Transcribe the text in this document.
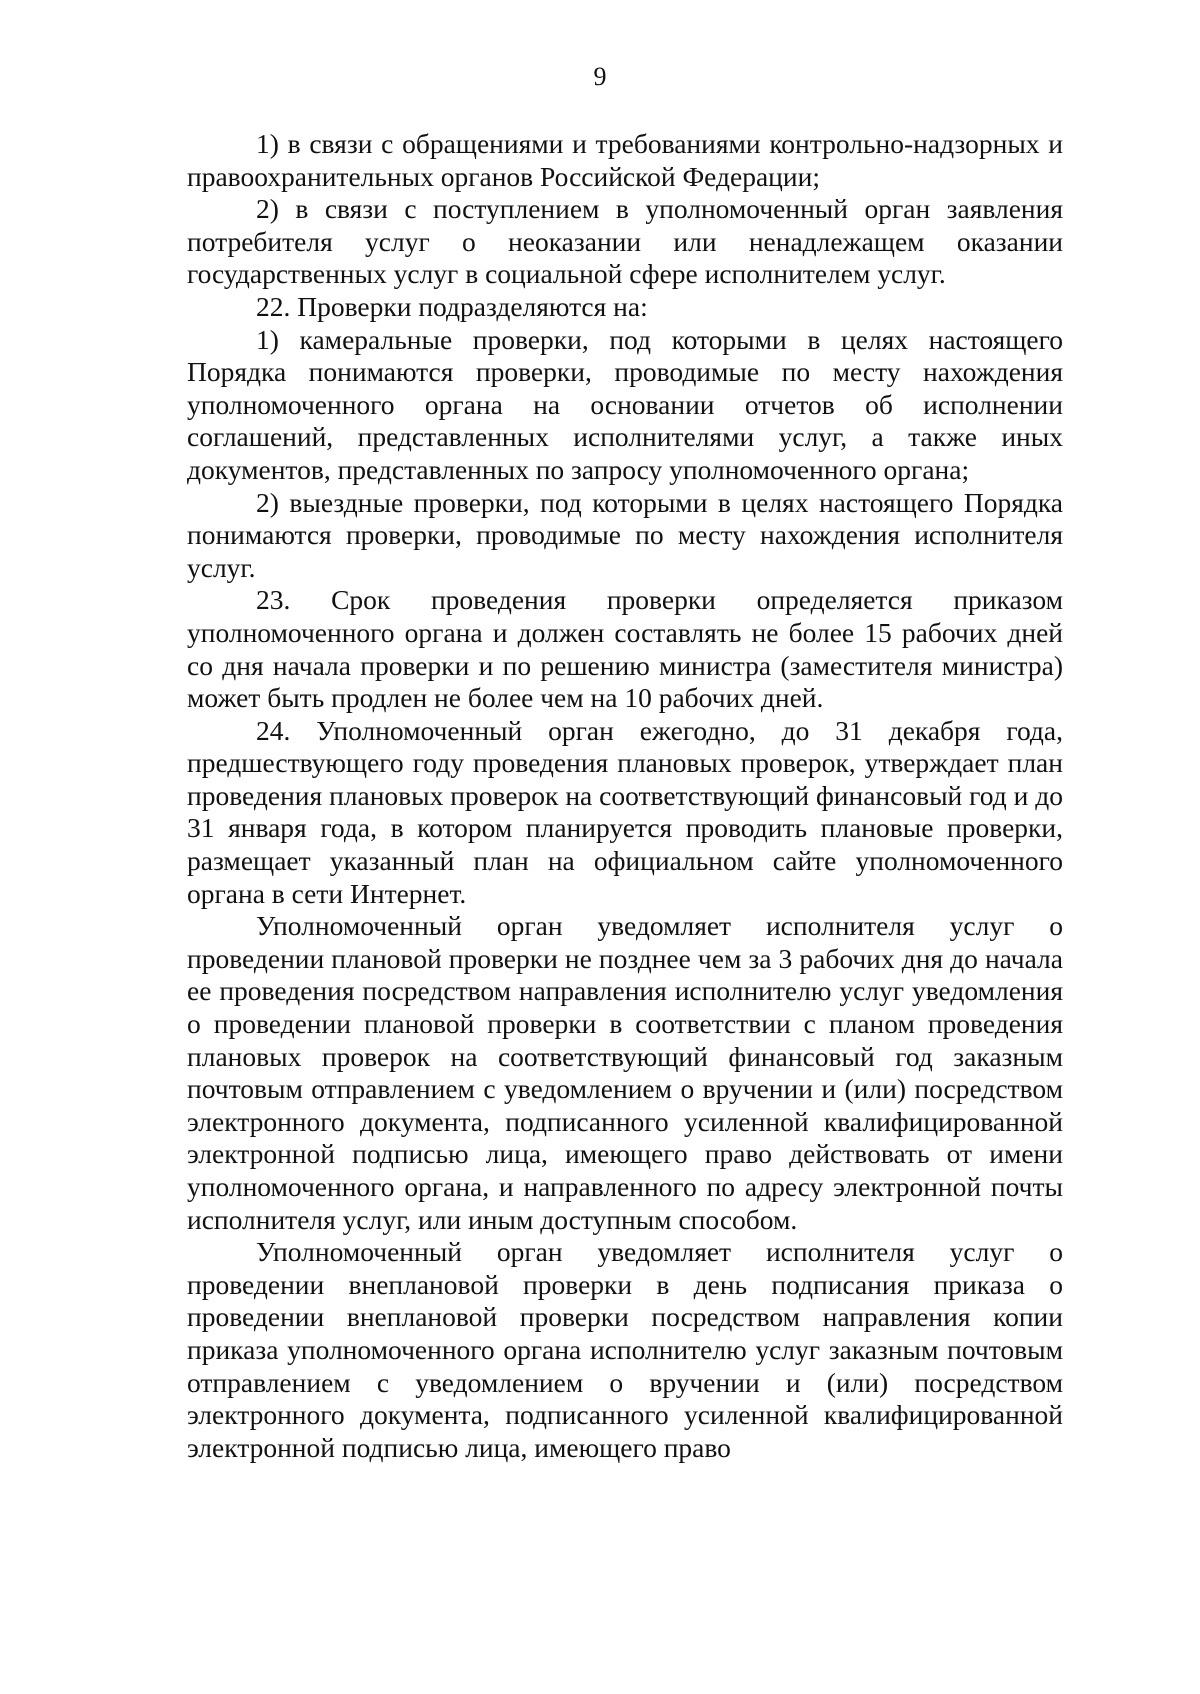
9

1) в связи с обращениями и требованиями контрольно-надзорных и правоохранительных органов Российской Федерации;

2) в связи с поступлением в уполномоченный орган заявления потребителя услуг о неоказании или ненадлежащем оказании государственных услуг в социальной сфере исполнителем услуг.

22. Проверки подразделяются на:

1) камеральные проверки, под которыми в целях настоящего Порядка понимаются проверки, проводимые по месту нахождения уполномоченного органа на основании отчетов об исполнении соглашений, представленных исполнителями услуг, а также иных документов, представленных по запросу уполномоченного органа;

2) выездные проверки, под которыми в целях настоящего Порядка понимаются проверки, проводимые по месту нахождения исполнителя услуг.

23. Срок проведения проверки определяется приказом уполномоченного органа и должен составлять не более 15 рабочих дней со дня начала проверки и по решению министра (заместителя министра) может быть продлен не более чем на 10 рабочих дней.

24. Уполномоченный орган ежегодно, до 31 декабря года, предшествующего году проведения плановых проверок, утверждает план проведения плановых проверок на соответствующий финансовый год и до 31 января года, в котором планируется проводить плановые проверки, размещает указанный план на официальном сайте уполномоченного органа в сети Интернет.

Уполномоченный орган уведомляет исполнителя услуг о проведении плановой проверки не позднее чем за 3 рабочих дня до начала ее проведения посредством направления исполнителю услуг уведомления о проведении плановой проверки в соответствии с планом проведения плановых проверок на соответствующий финансовый год заказным почтовым отправлением с уведомлением о вручении и (или) посредством электронного документа, подписанного усиленной квалифицированной электронной подписью лица, имеющего право действовать от имени уполномоченного органа, и направленного по адресу электронной почты исполнителя услуг, или иным доступным способом.

Уполномоченный орган уведомляет исполнителя услуг о проведении внеплановой проверки в день подписания приказа о проведении внеплановой проверки посредством направления копии приказа уполномоченного органа исполнителю услуг заказным почтовым отправлением с уведомлением о вручении и (или) посредством электронного документа, подписанного усиленной квалифицированной электронной подписью лица, имеющего право
